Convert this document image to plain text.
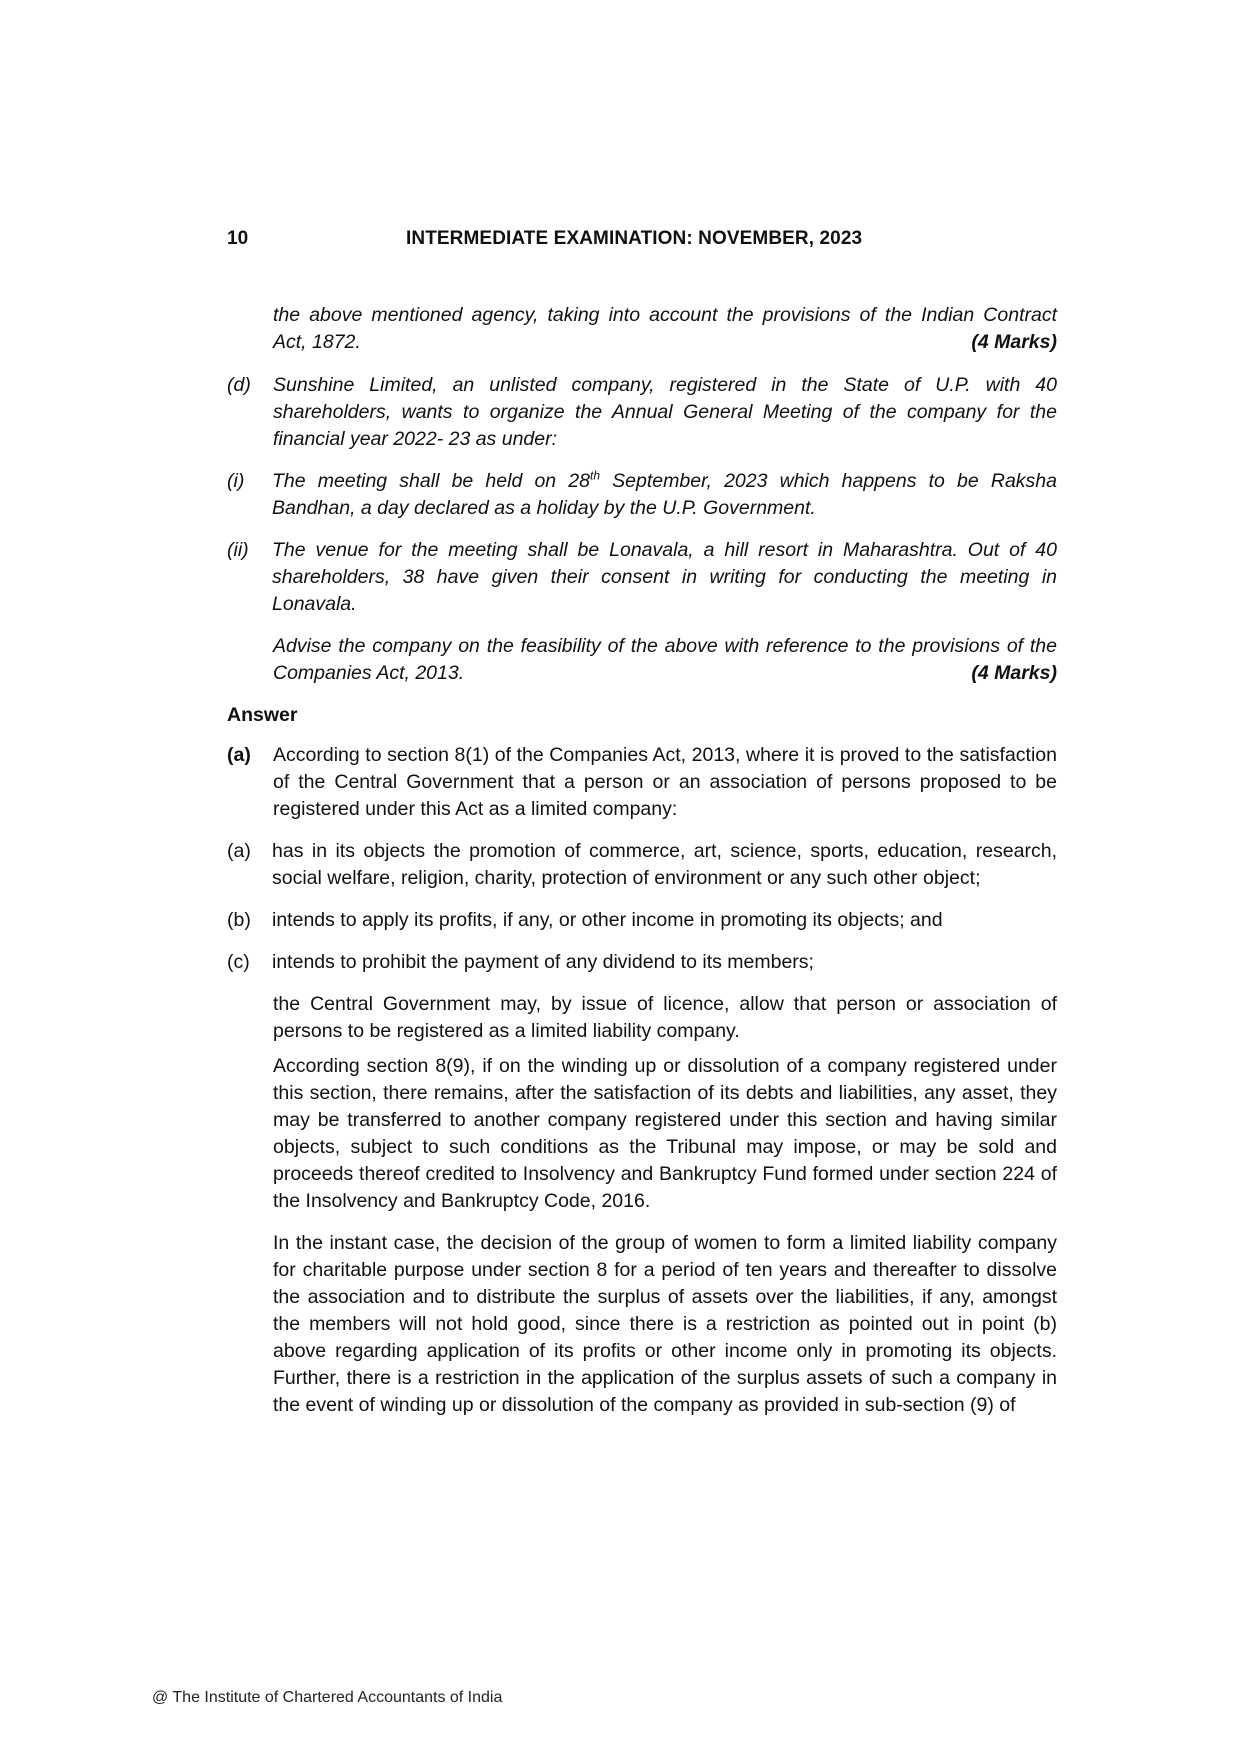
10	INTERMEDIATE EXAMINATION: NOVEMBER, 2023
the above mentioned agency, taking into account the provisions of the Indian Contract
Act, 1872.	(4 Marks)
(d)	Sunshine Limited, an unlisted company, registered in the State of U.P. with 40 shareholders, wants to organize the Annual General Meeting of the company for the financial year 2022- 23 as under:
(i)	The meeting shall be held on 28th September, 2023 which happens to be Raksha Bandhan, a day declared as a holiday by the U.P. Government.
(ii)	The venue for the meeting shall be Lonavala, a hill resort in Maharashtra. Out of 40 shareholders, 38 have given their consent in writing for conducting the meeting in Lonavala.
Advise the company on the feasibility of the above with reference to the provisions of the
Companies Act, 2013.	(4 Marks)
Answer
(a)	According to section 8(1) of the Companies Act, 2013, where it is proved to the satisfaction of the Central Government that a person or an association of persons proposed to be registered under this Act as a limited company:
(a)	has in its objects the promotion of commerce, art, science, sports, education, research, social welfare, religion, charity, protection of environment or any such other object;
(b)	intends to apply its profits, if any, or other income in promoting its objects; and
(c)	intends to prohibit the payment of any dividend to its members;
the Central Government may, by issue of licence, allow that person or association of persons to be registered as a limited liability company.
According section 8(9), if on the winding up or dissolution of a company registered under this section, there remains, after the satisfaction of its debts and liabilities, any asset, they may be transferred to another company registered under this section and having similar objects, subject to such conditions as the Tribunal may impose, or may be sold and proceeds thereof credited to Insolvency and Bankruptcy Fund formed under section 224 of the Insolvency and Bankruptcy Code, 2016.
In the instant case, the decision of the group of women to form a limited liability company for charitable purpose under section 8 for a period of ten years and thereafter to dissolve the association and to distribute the surplus of assets over the liabilities, if any, amongst the members will not hold good, since there is a restriction as pointed out in point (b) above regarding application of its profits or other income only in promoting its objects. Further, there is a restriction in the application of the surplus assets of such a company in the event of winding up or dissolution of the company as provided in sub-section (9) of
@ The Institute of Chartered Accountants of India
